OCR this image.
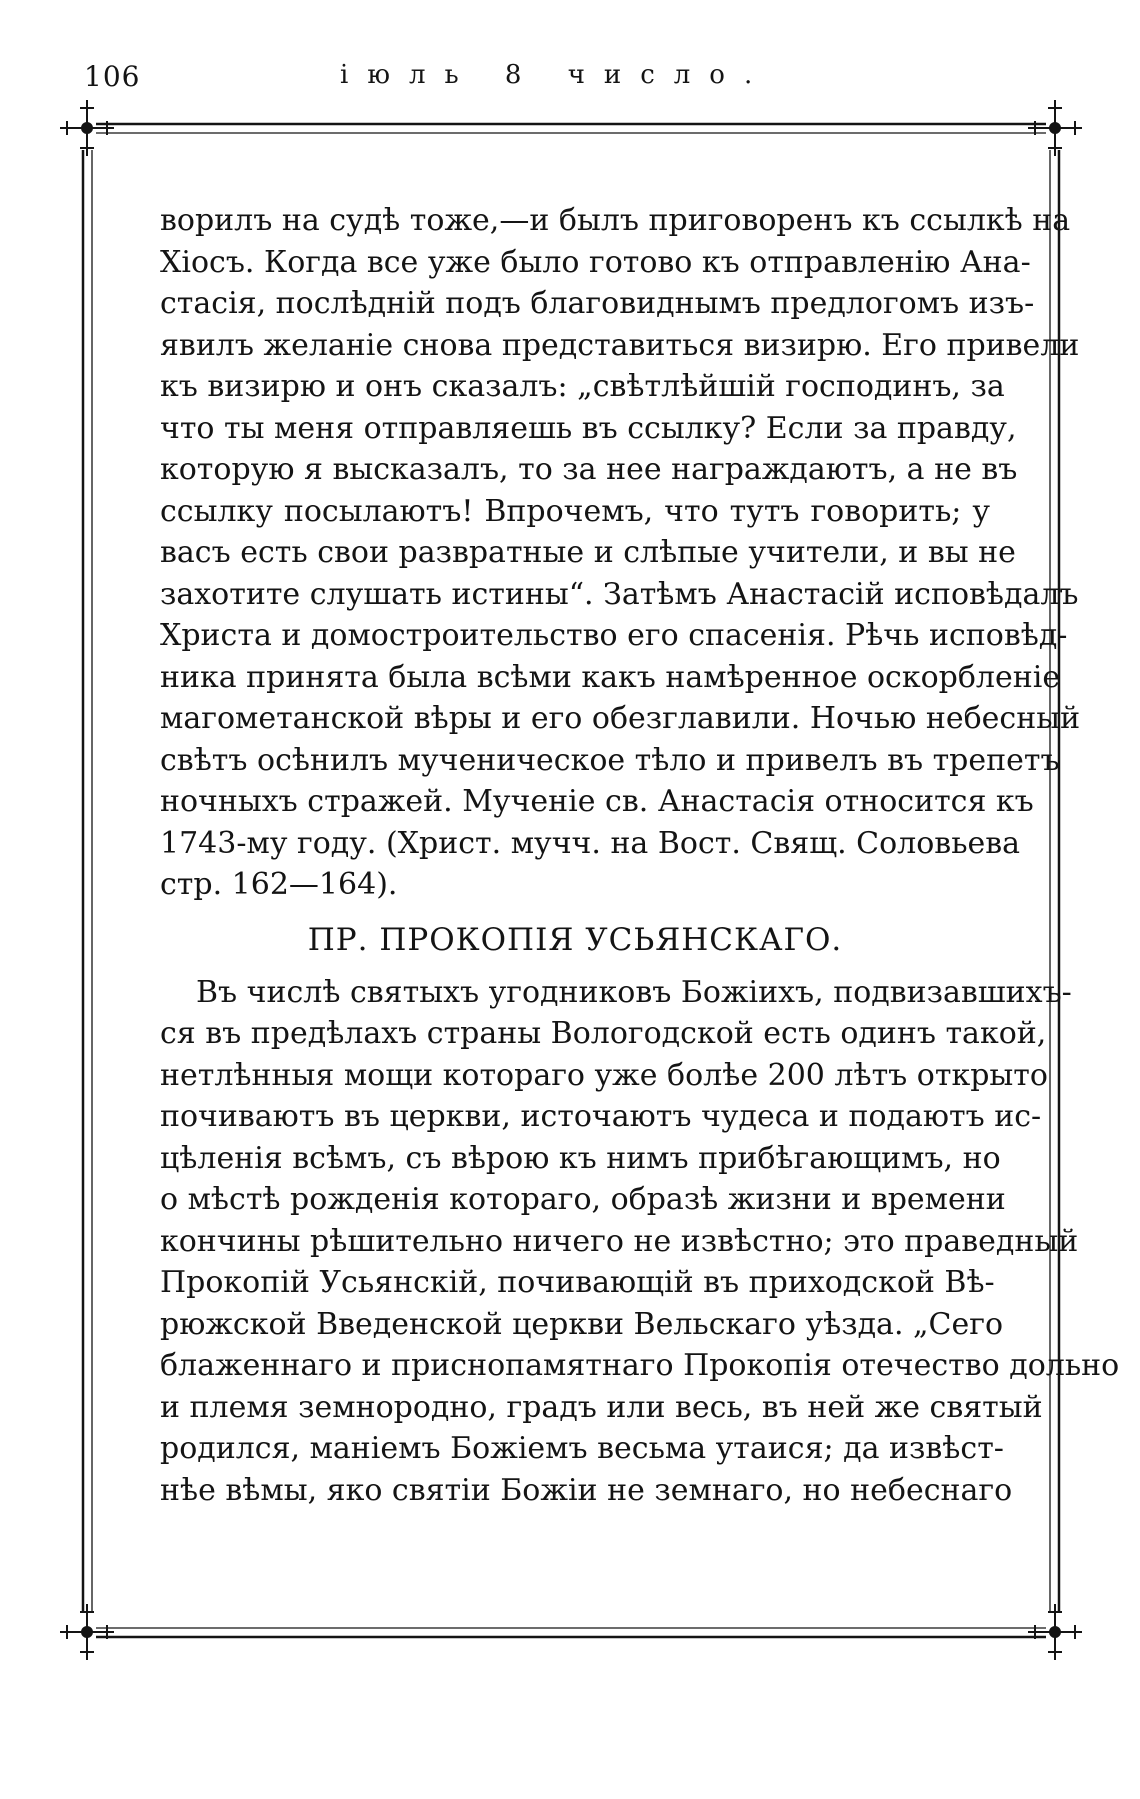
106	іюль 8 число.
ворилъ на судѣ тоже,—и былъ приговоренъ къ ссылкѣ на
Хіосъ. Когда все уже было готово къ отправленію Ана-
стасія, послѣдній подъ благовиднымъ предлогомъ изъ-
явилъ желаніе снова представиться визирю. Его привели
къ визирю и онъ сказалъ: „свѣтлѣйшій господинъ, за
что ты меня отправляешь въ ссылку? Если за правду,
которую я высказалъ, то за нее награждаютъ, а не въ
ссылку посылаютъ! Впрочемъ, что тутъ говорить; у
васъ есть свои развратные и слѣпые учители, и вы не
захотите слушать истины“. Затѣмъ Анастасій исповѣдалъ
Христа и домостроительство его спасенія. Рѣчь исповѣд-
ника принята была всѣми какъ намѣренное оскорбленіе
магометанской вѣры и его обезглавили. Ночью небесный
свѣтъ осѣнилъ мученическое тѣло и привелъ въ трепетъ
ночныхъ стражей. Мученіе св. Анастасія относится къ
1743-му году. (Христ. мучч. на Вост. Свящ. Соловьева
стр. 162—164).
ПР. ПРОКОПІЯ УСЬЯНСКАГО.
Въ числѣ святыхъ угодниковъ Божіихъ, подвизавшихъ-
ся въ предѣлахъ страны Вологодской есть одинъ такой,
нетлѣнныя мощи котораго уже болѣе 200 лѣтъ открыто
почиваютъ въ церкви, источаютъ чудеса и подаютъ ис-
цѣленія всѣмъ, съ вѣрою къ нимъ прибѣгающимъ, но
о мѣстѣ рожденія котораго, образѣ жизни и времени
кончины рѣшительно ничего не извѣстно; это праведный
Прокопій Усьянскій, почивающій въ приходской Вѣ-
рюжской Введенской церкви Вельскаго уѣзда. „Сего
блаженнаго и приснопамятнаго Прокопія отечество дольно
и племя земнородно, градъ или весь, въ ней же святый
родился, маніемъ Божіемъ весьма утаися; да извѣст-
нѣе вѣмы, яко святіи Божіи не земнаго, но небеснаго
